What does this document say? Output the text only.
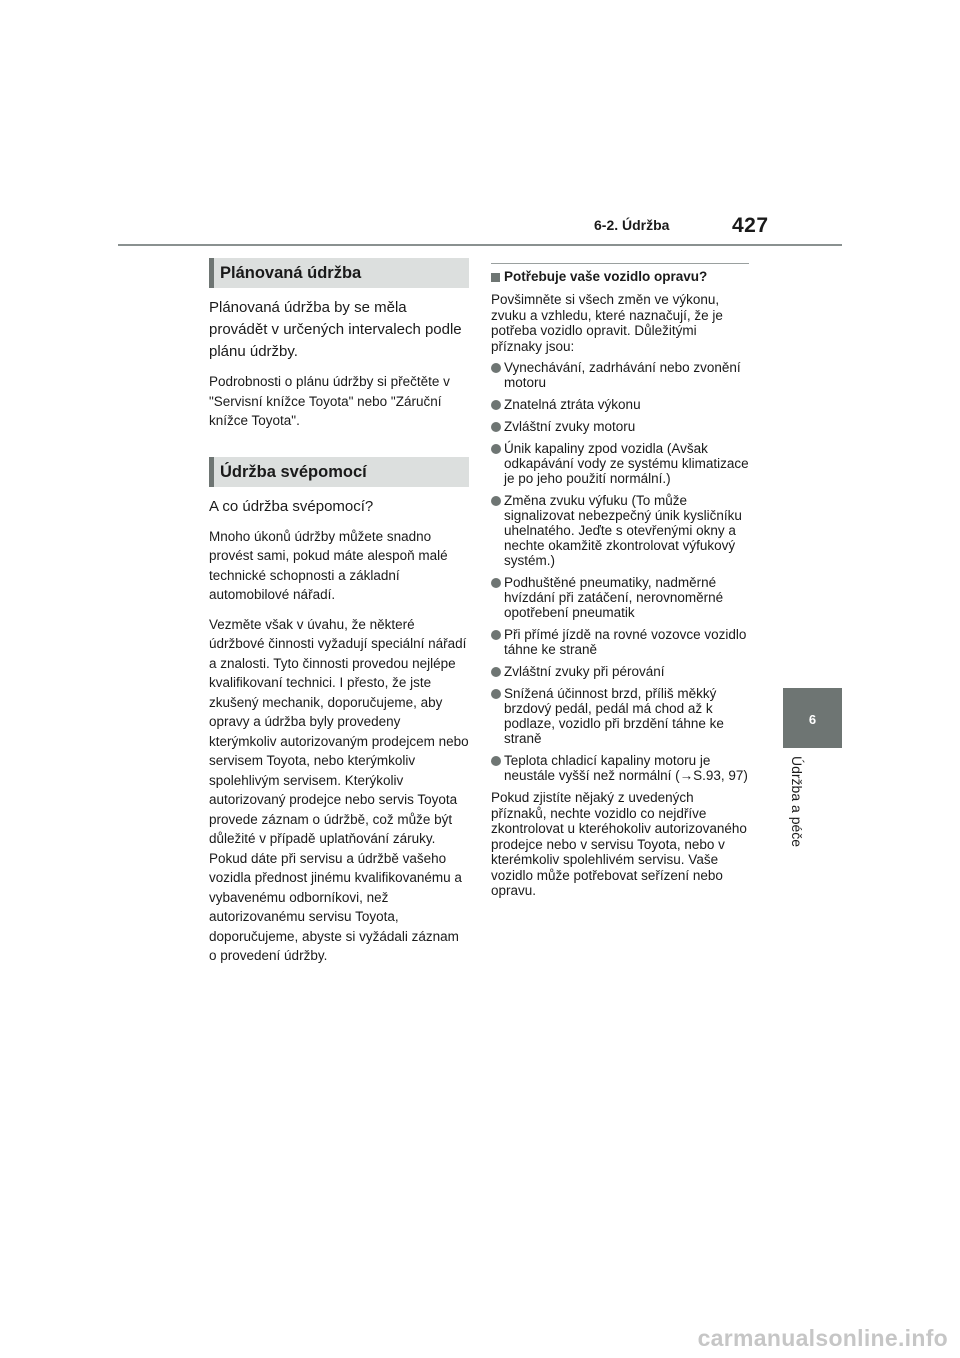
6-2. Údržba	427
6
Údržba a péče
Plánovaná údržba

Plánovaná údržba by se měla provádět v určených intervalech podle plánu údržby.

Podrobnosti o plánu údržby si přečtěte v "Servisní knížce Toyota" nebo "Záruční knížce Toyota".

Údržba svépomocí

A co údržba svépomocí?

Mnoho úkonů údržby můžete snadno provést sami, pokud máte alespoň malé technické schopnosti a základní automobilové nářadí.

Vezměte však v úvahu, že některé údržbové činnosti vyžadují speciální nářadí a znalosti. Tyto činnosti provedou nejlépe kvalifikovaní technici. I přesto, že jste zkušený mechanik, doporučujeme, aby opravy a údržba byly provedeny kterýmkoliv autorizovaným prodejcem nebo servisem Toyota, nebo kterýmkoliv spolehlivým servisem. Kterýkoliv autorizovaný prodejce nebo servis Toyota provede záznam o údržbě, což může být důležité v případě uplatňování záruky. Pokud dáte při servisu a údržbě vašeho vozidla přednost jinému kvalifikovanému a vybavenému odborníkovi, než autorizovanému servisu Toyota, doporučujeme, abyste si vyžádali záznam o provedení údržby.

Potřebuje vaše vozidlo opravu?

Povšimněte si všech změn ve výkonu, zvuku a vzhledu, které naznačují, že je potřeba vozidlo opravit. Důležitými příznaky jsou:

Vynechávání, zadrhávání nebo zvonění motoru
Znatelná ztráta výkonu
Zvláštní zvuky motoru
Únik kapaliny zpod vozidla (Avšak odkapávání vody ze systému klimatizace je po jeho použití normální.)
Změna zvuku výfuku (To může signalizovat nebezpečný únik kysličníku uhelnatého. Jeďte s otevřenými okny a nechte okamžitě zkontrolovat výfukový systém.)
Podhuštěné pneumatiky, nadměrné hvízdání při zatáčení, nerovnoměrné opotřebení pneumatik
Při přímé jízdě na rovné vozovce vozidlo táhne ke straně
Zvláštní zvuky při pérování
Snížená účinnost brzd, příliš měkký brzdový pedál, pedál má chod až k podlaze, vozidlo při brzdění táhne ke straně
Teplota chladicí kapaliny motoru je neustále vyšší než normální (→S.93, 97)

Pokud zjistíte nějaký z uvedených příznaků, nechte vozidlo co nejdříve zkontrolovat u kteréhokoliv autorizovaného prodejce nebo v servisu Toyota, nebo v kterémkoliv spolehlivém servisu. Vaše vozidlo může potřebovat seřízení nebo opravu.

carmanualsonline.info
